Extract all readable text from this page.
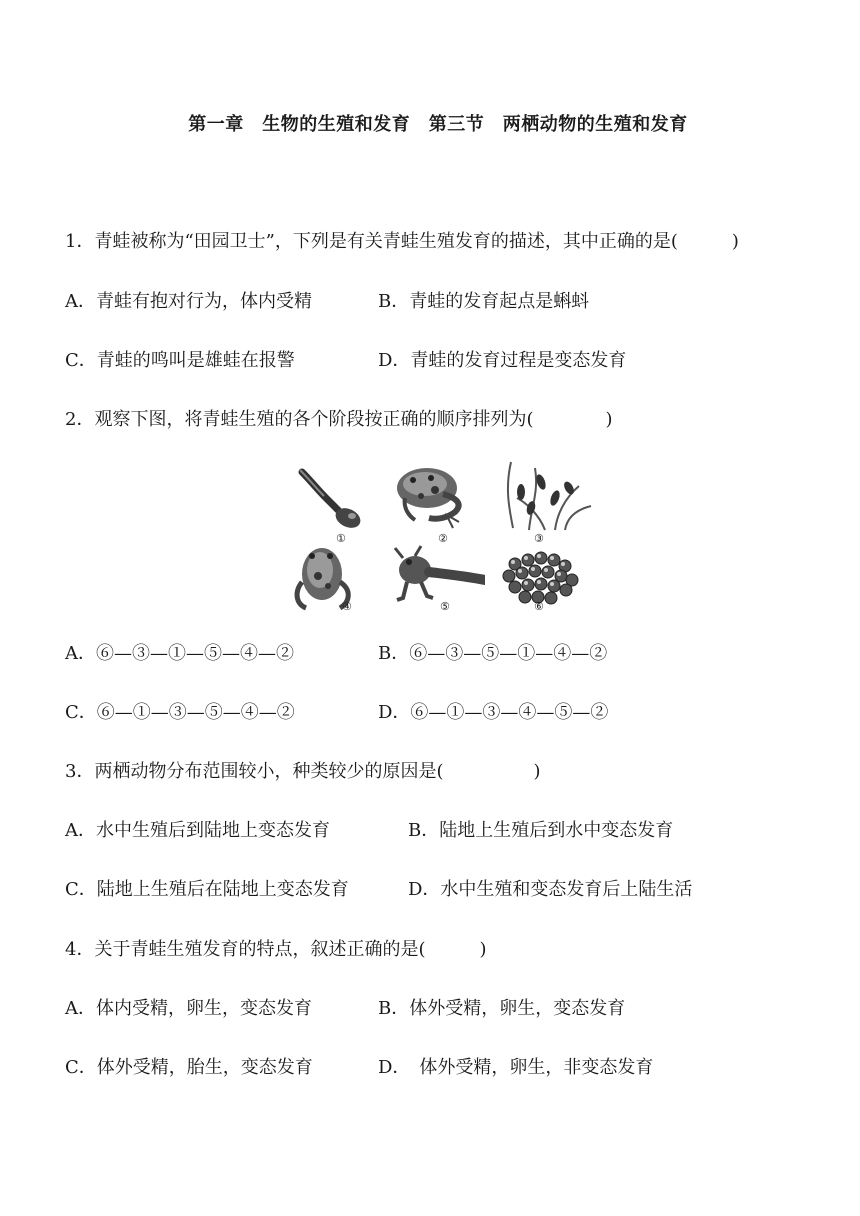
第一章　生物的生殖和发育　第三节　两栖动物的生殖和发育
1．青蛙被称为“田园卫士”，下列是有关青蛙生殖发育的描述，其中正确的是(　　　)
A．青蛙有抱对行为，体内受精	B．青蛙的发育起点是蝌蚪
C．青蛙的鸣叫是雄蛙在报警	D．青蛙的发育过程是变态发育
2．观察下图，将青蛙生殖的各个阶段按正确的顺序排列为(　　　　)
①	②	③
④	⑤	⑥
A．⑥—③—①—⑤—④—②	B．⑥—③—⑤—①—④—②
C．⑥—①—③—⑤—④—②	D．⑥—①—③—④—⑤—②
3．两栖动物分布范围较小，种类较少的原因是(　　　　　)
A．水中生殖后到陆地上变态发育	B．陆地上生殖后到水中变态发育
C．陆地上生殖后在陆地上变态发育	D．水中生殖和变态发育后上陆生活
4．关于青蛙生殖发育的特点，叙述正确的是(　　　)
A．体内受精，卵生，变态发育	B．体外受精，卵生，变态发育
C．体外受精，胎生，变态发育	D．　体外受精，卵生，非变态发育
